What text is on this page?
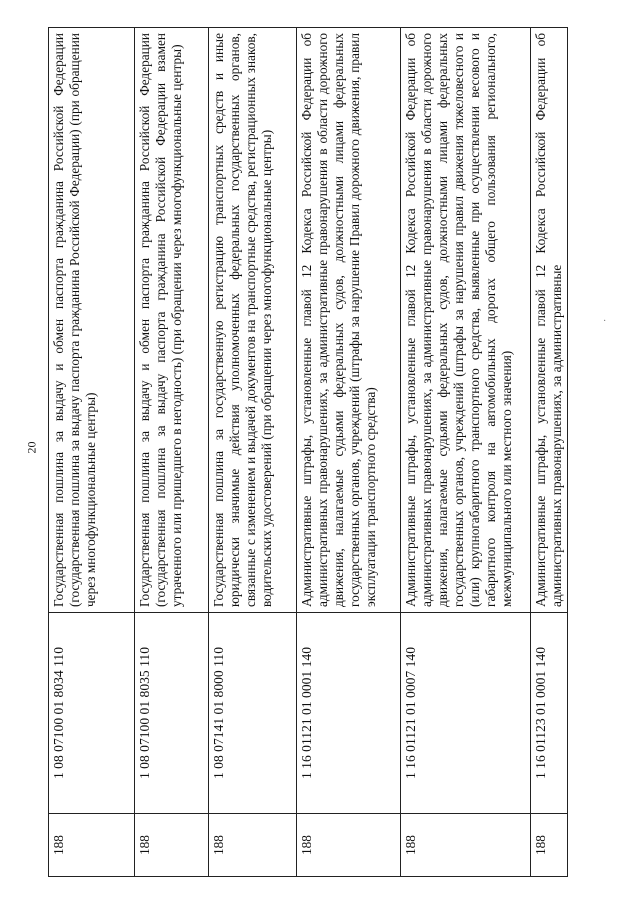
20
·
188	1 08 07100 01 8034 110	Государственная пошлина за выдачу и обмен паспорта гражданина Российской Федерации (государственная пошлина за выдачу паспорта гражданина Российской Федерации) (при обращении через многофункциональные центры)
188	1 08 07100 01 8035 110	Государственная пошлина за выдачу и обмен паспорта гражданина Российской Федерации (государственная пошлина за выдачу паспорта гражданина Российской Федерации взамен утраченного или пришедшего в негодность) (при обращении через многофункциональные центры)
188	1 08 07141 01 8000 110	Государственная пошлина за государственную регистрацию транспортных средств и иные юридически значимые действия уполномоченных федеральных государственных органов, связанные с изменением и выдачей документов на транспортные средства, регистрационных знаков, водительских удостоверений (при обращении через многофункциональные центры)
188	1 16 01121 01 0001 140	Административные штрафы, установленные главой 12 Кодекса Российской Федерации об административных правонарушениях, за административные правонарушения в области дорожного движения, налагаемые судьями федеральных судов, должностными лицами федеральных государственных органов, учреждений (штрафы за нарушение Правил дорожного движения, правил эксплуатации транспортного средства)
188	1 16 01121 01 0007 140	Административные штрафы, установленные главой 12 Кодекса Российской Федерации об административных правонарушениях, за административные правонарушения в области дорожного движения, налагаемые судьями федеральных судов, должностными лицами федеральных государственных органов, учреждений (штрафы за нарушения правил движения тяжеловесного и (или) крупногабаритного транспортного средства, выявленные при осуществлении весового и габаритного контроля на автомобильных дорогах общего пользования регионального, межмуниципального или местного значения)
188	1 16 01123 01 0001 140	Административные штрафы, установленные главой 12 Кодекса Российской Федерации об административных правонарушениях, за административные
